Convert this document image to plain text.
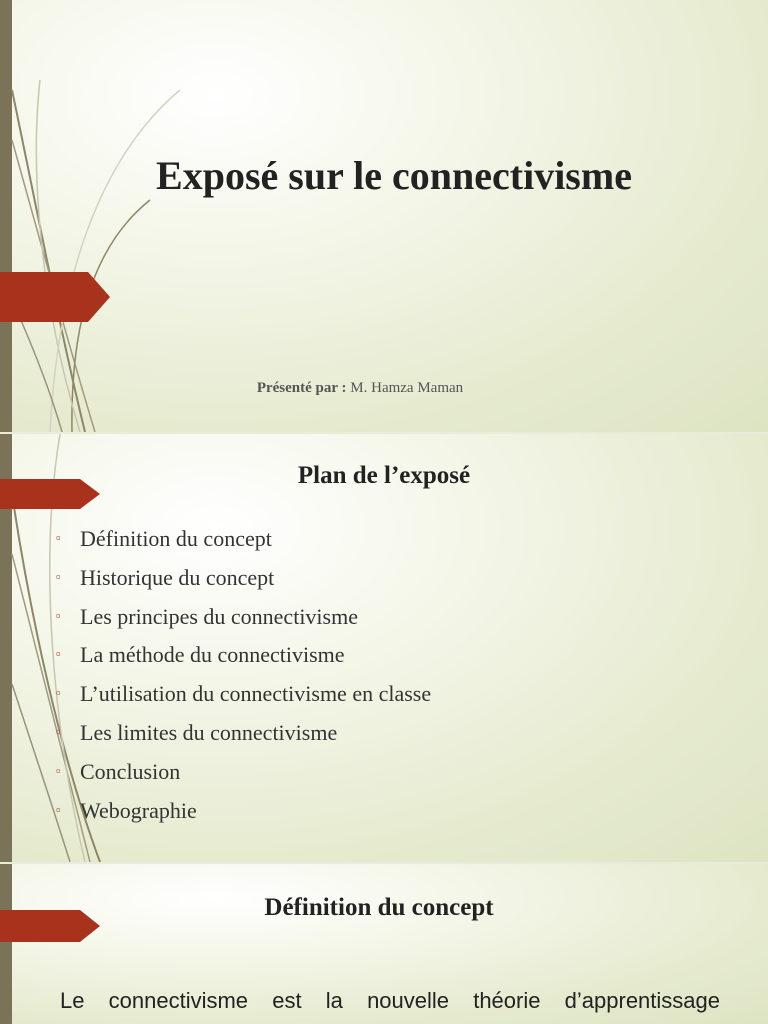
Exposé sur le connectivisme
Présenté par : M. Hamza Maman
Plan de l’exposé
▫ Définition du concept
▫ Historique du concept
▫ Les principes du connectivisme
▫ La méthode du connectivisme
▫ L’utilisation du connectivisme en classe
▫ Les limites du connectivisme
▫ Conclusion
▫ Webographie
Définition du concept
Le connectivisme est la nouvelle théorie d’apprentissage
